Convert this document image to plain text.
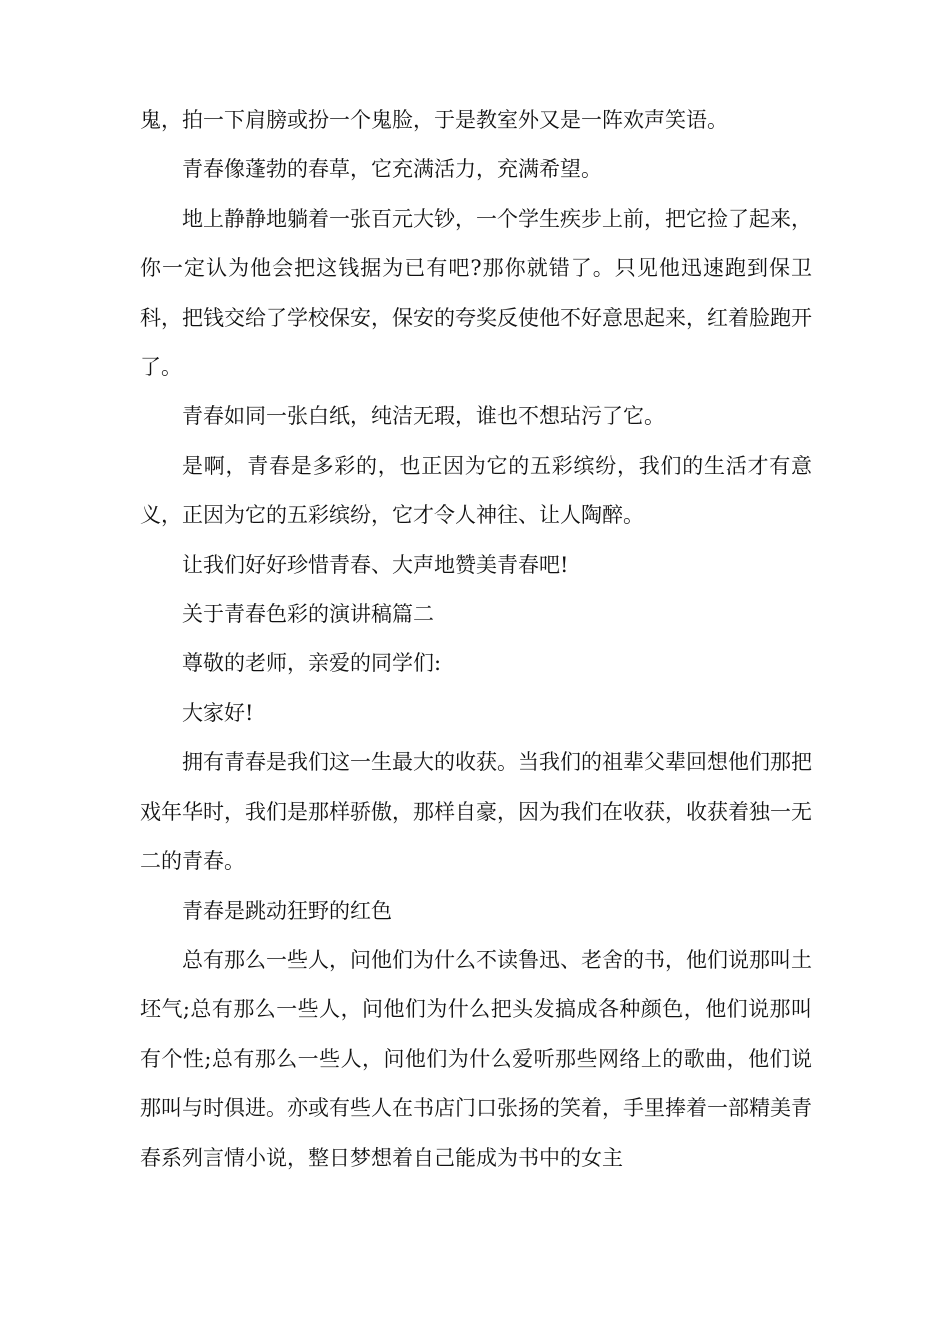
鬼，拍一下肩膀或扮一个鬼脸，于是教室外又是一阵欢声笑语。

青春像蓬勃的春草，它充满活力，充满希望。

地上静静地躺着一张百元大钞，一个学生疾步上前，把它捡了起来，你一定认为他会把这钱据为已有吧?那你就错了。只见他迅速跑到保卫科，把钱交给了学校保安，保安的夸奖反使他不好意思起来，红着脸跑开了。

青春如同一张白纸，纯洁无瑕，谁也不想玷污了它。

是啊，青春是多彩的，也正因为它的五彩缤纷，我们的生活才有意义，正因为它的五彩缤纷，它才令人神往、让人陶醉。

让我们好好珍惜青春、大声地赞美青春吧!

关于青春色彩的演讲稿篇二

尊敬的老师，亲爱的同学们:

大家好!

拥有青春是我们这一生最大的收获。当我们的祖辈父辈回想他们那把戏年华时，我们是那样骄傲，那样自豪，因为我们在收获，收获着独一无二的青春。

青春是跳动狂野的红色

总有那么一些人，问他们为什么不读鲁迅、老舍的书，他们说那叫土坯气;总有那么一些人，问他们为什么把头发搞成各种颜色，他们说那叫有个性;总有那么一些人，问他们为什么爱听那些网络上的歌曲，他们说那叫与时俱进。亦或有些人在书店门口张扬的笑着，手里捧着一部精美青春系列言情小说，整日梦想着自己能成为书中的女主
